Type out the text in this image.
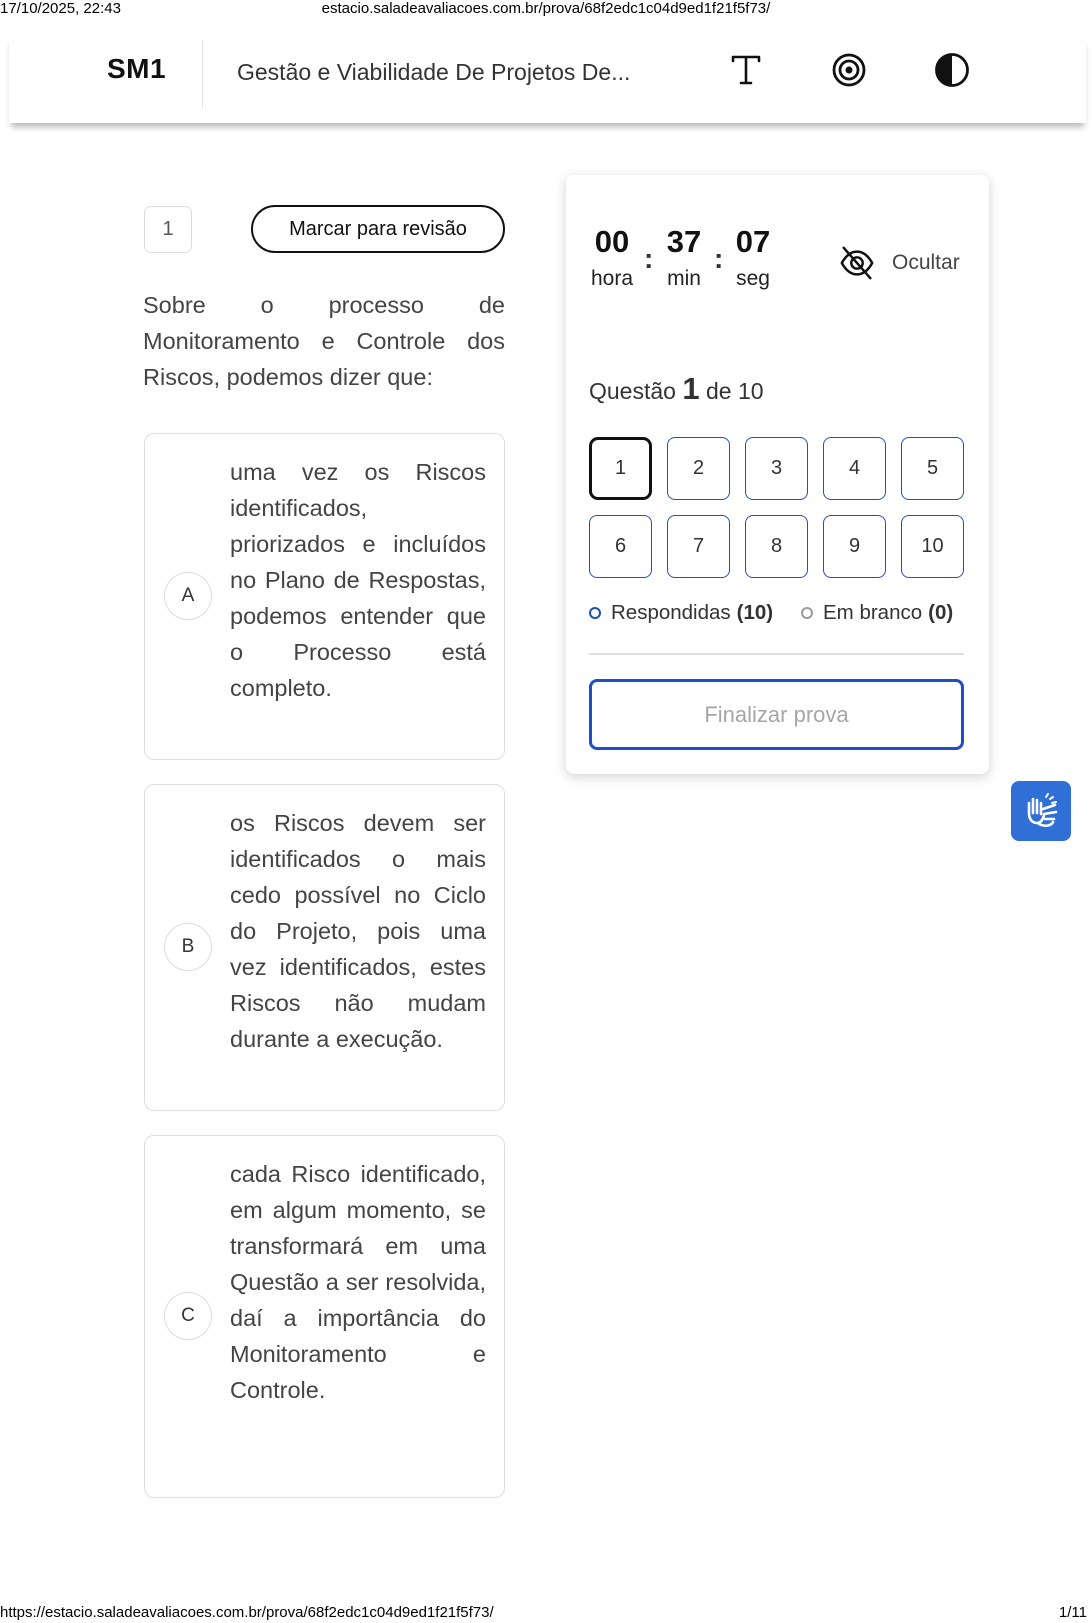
17/10/2025, 22:43	estacio.saladeavaliacoes.com.br/prova/68f2edc1c04d9ed1f21f5f73/
SM1	Gestão e Viabilidade De Projetos De...
1	Marcar para revisão
Sobre o processo de Monitoramento e Controle dos Riscos, podemos dizer que:
A
uma vez os Riscos identificados, priorizados e incluídos no Plano de Respostas, podemos entender que o Processo está completo.
B
os Riscos devem ser identificados o mais cedo possível no Ciclo do Projeto, pois uma vez identificados, estes Riscos não mudam durante a execução.
C
cada Risco identificado, em algum momento, se transformará em uma Questão a ser resolvida, daí a importância do Monitoramento e Controle.
00
hora
: 37
min
: 07
seg
Ocultar
Questão 1 de 10
1	2	3	4	5
6	7	8	9	10
Respondidas (10) Em branco (0)
Finalizar prova
https://estacio.saladeavaliacoes.com.br/prova/68f2edc1c04d9ed1f21f5f73/	1/11
